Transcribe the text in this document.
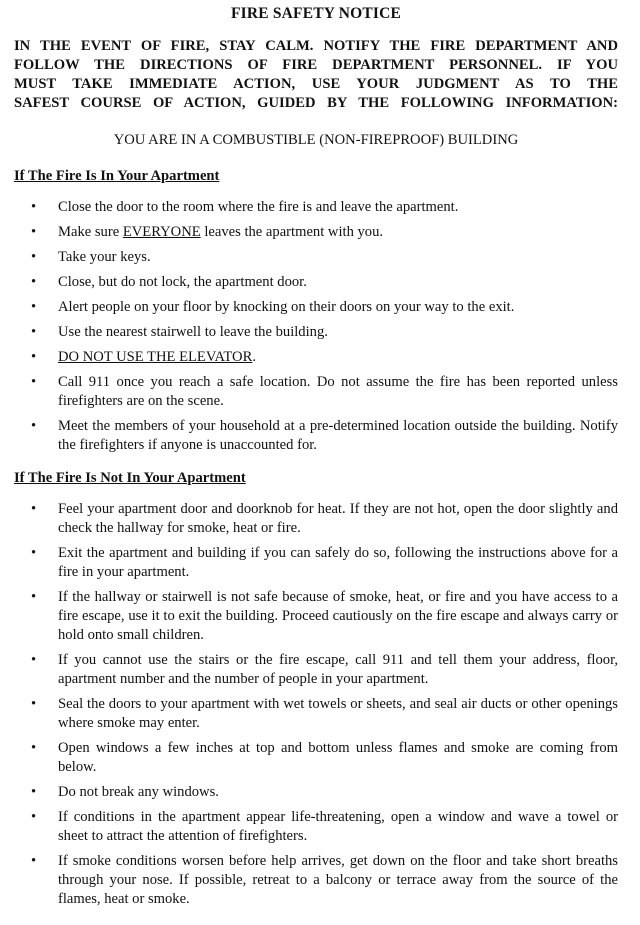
FIRE SAFETY NOTICE
IN THE EVENT OF FIRE, STAY CALM. NOTIFY THE FIRE DEPARTMENT AND
FOLLOW THE DIRECTIONS OF FIRE DEPARTMENT PERSONNEL. IF YOU
MUST TAKE IMMEDIATE ACTION, USE YOUR JUDGMENT AS TO THE
SAFEST COURSE OF ACTION, GUIDED BY THE FOLLOWING INFORMATION:
YOU ARE IN A COMBUSTIBLE (NON-FIREPROOF) BUILDING
If The Fire Is In Your Apartment
• Close the door to the room where the fire is and leave the apartment.
• Make sure EVERYONE leaves the apartment with you.
• Take your keys.
• Close, but do not lock, the apartment door.
• Alert people on your floor by knocking on their doors on your way to the exit.
• Use the nearest stairwell to leave the building.
• DO NOT USE THE ELEVATOR.
• Call 911 once you reach a safe location. Do not assume the fire has been reported unless firefighters are on the scene.
• Meet the members of your household at a pre-determined location outside the building. Notify the firefighters if anyone is unaccounted for.
If The Fire Is Not In Your Apartment
• Feel your apartment door and doorknob for heat. If they are not hot, open the door slightly and check the hallway for smoke, heat or fire.
• Exit the apartment and building if you can safely do so, following the instructions above for a fire in your apartment.
• If the hallway or stairwell is not safe because of smoke, heat, or fire and you have access to a fire escape, use it to exit the building. Proceed cautiously on the fire escape and always carry or hold onto small children.
• If you cannot use the stairs or the fire escape, call 911 and tell them your address, floor, apartment number and the number of people in your apartment.
• Seal the doors to your apartment with wet towels or sheets, and seal air ducts or other openings where smoke may enter.
• Open windows a few inches at top and bottom unless flames and smoke are coming from below.
• Do not break any windows.
• If conditions in the apartment appear life-threatening, open a window and wave a towel or sheet to attract the attention of firefighters.
• If smoke conditions worsen before help arrives, get down on the floor and take short breaths through your nose. If possible, retreat to a balcony or terrace away from the source of the flames, heat or smoke.
